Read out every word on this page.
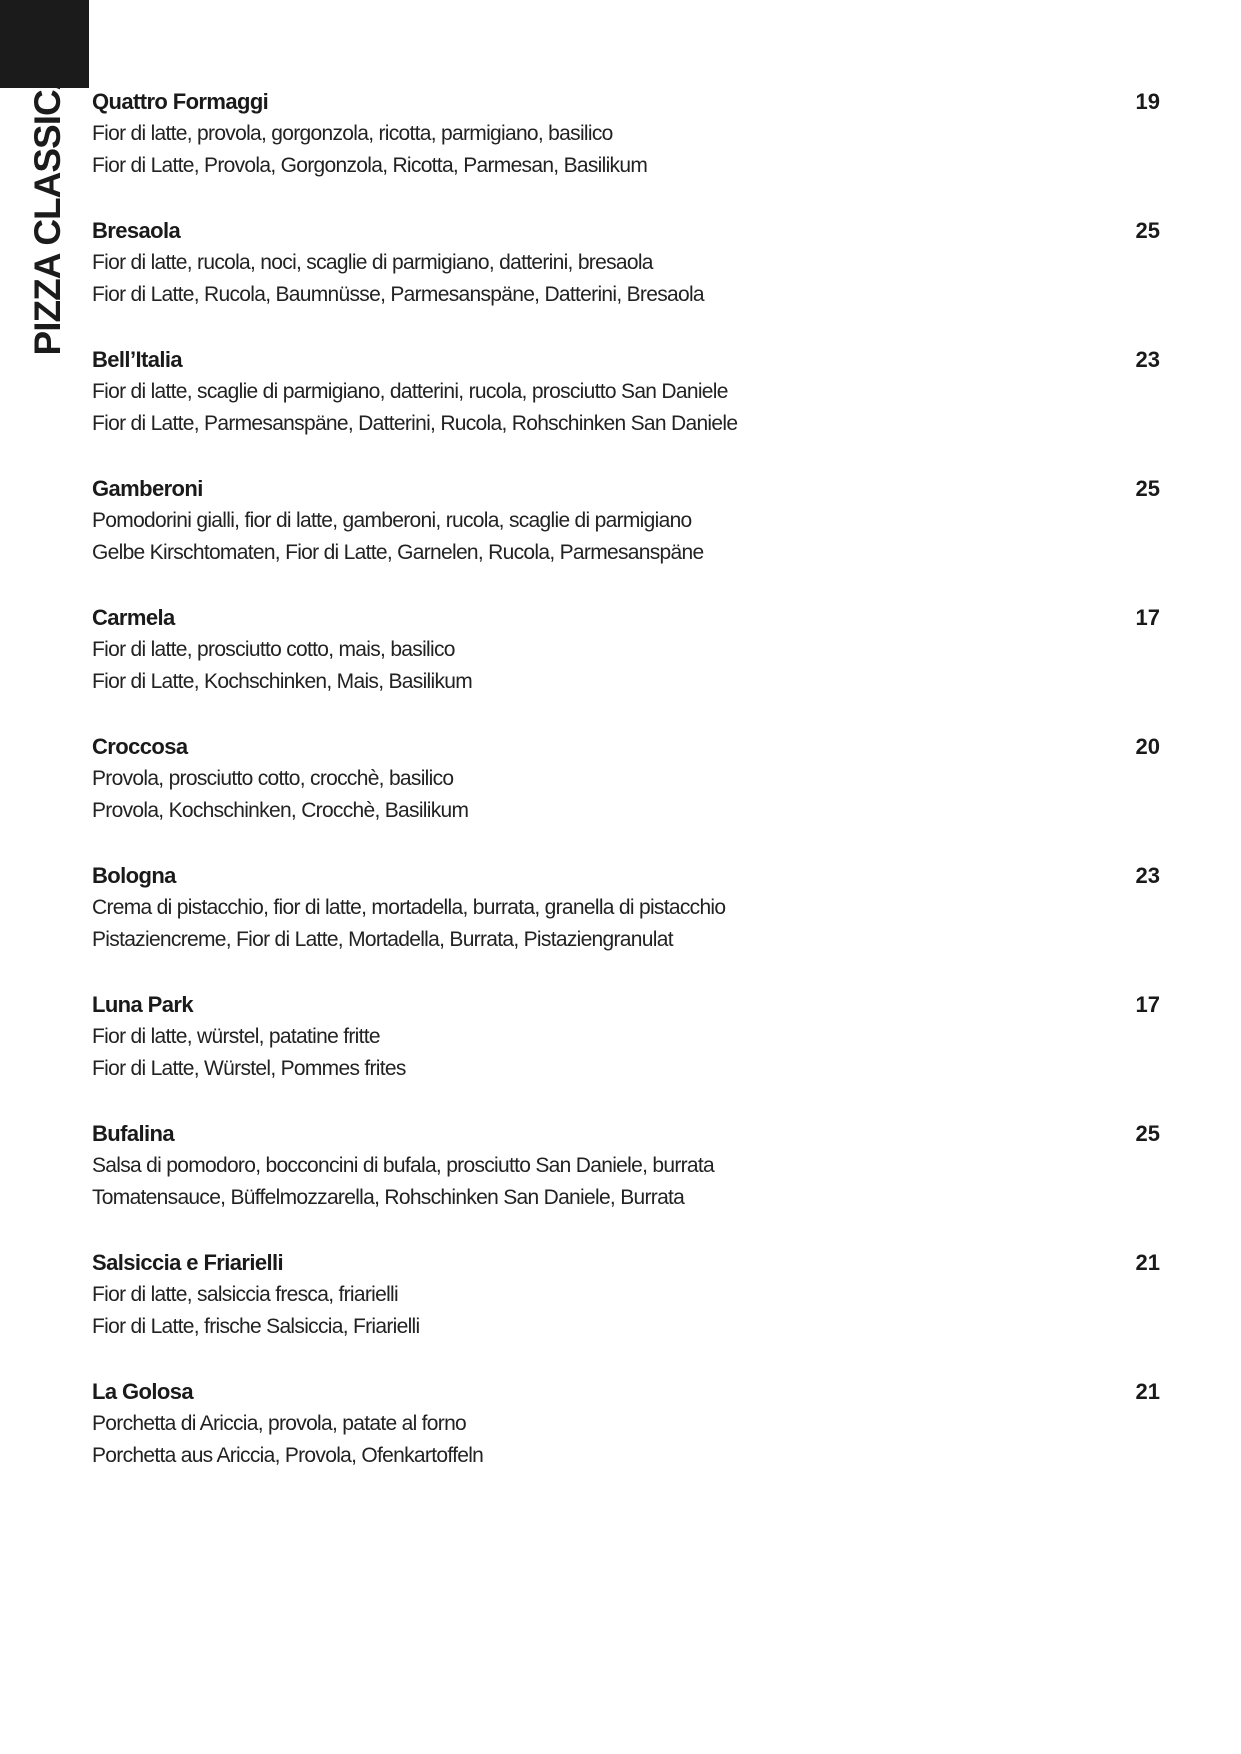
PIZZA CLASSICA Quattro Formaggi	19
Fior di latte, provola, gorgonzola, ricotta, parmigiano, basilico
Fior di Latte, Provola, Gorgonzola, Ricotta, Parmesan, Basilikum
Bresaola	25
Fior di latte, rucola, noci, scaglie di parmigiano, datterini, bresaola
Fior di Latte, Rucola, Baumnüsse, Parmesanspäne, Datterini, Bresaola
Bell’Italia	23
Fior di latte, scaglie di parmigiano, datterini, rucola, prosciutto San Daniele
Fior di Latte, Parmesanspäne, Datterini, Rucola, Rohschinken San Daniele
Gamberoni	25
Pomodorini gialli, fior di latte, gamberoni, rucola, scaglie di parmigiano
Gelbe Kirschtomaten, Fior di Latte, Garnelen, Rucola, Parmesanspäne
Carmela	17
Fior di latte, prosciutto cotto, mais, basilico
Fior di Latte, Kochschinken, Mais, Basilikum
Croccosa	20
Provola, prosciutto cotto, crocchè, basilico
Provola, Kochschinken, Crocchè, Basilikum
Bologna	23
Crema di pistacchio, fior di latte, mortadella, burrata, granella di pistacchio
Pistaziencreme, Fior di Latte, Mortadella, Burrata, Pistaziengranulat
Luna Park	17
Fior di latte, würstel, patatine fritte
Fior di Latte, Würstel, Pommes frites
Bufalina	25
Salsa di pomodoro, bocconcini di bufala, prosciutto San Daniele, burrata
Tomatensauce, Büffelmozzarella, Rohschinken San Daniele, Burrata
Salsiccia e Friarielli	21
Fior di latte, salsiccia fresca, friarielli
Fior di Latte, frische Salsiccia, Friarielli
La Golosa	21
Porchetta di Ariccia, provola, patate al forno
Porchetta aus Ariccia, Provola, Ofenkartoffeln
